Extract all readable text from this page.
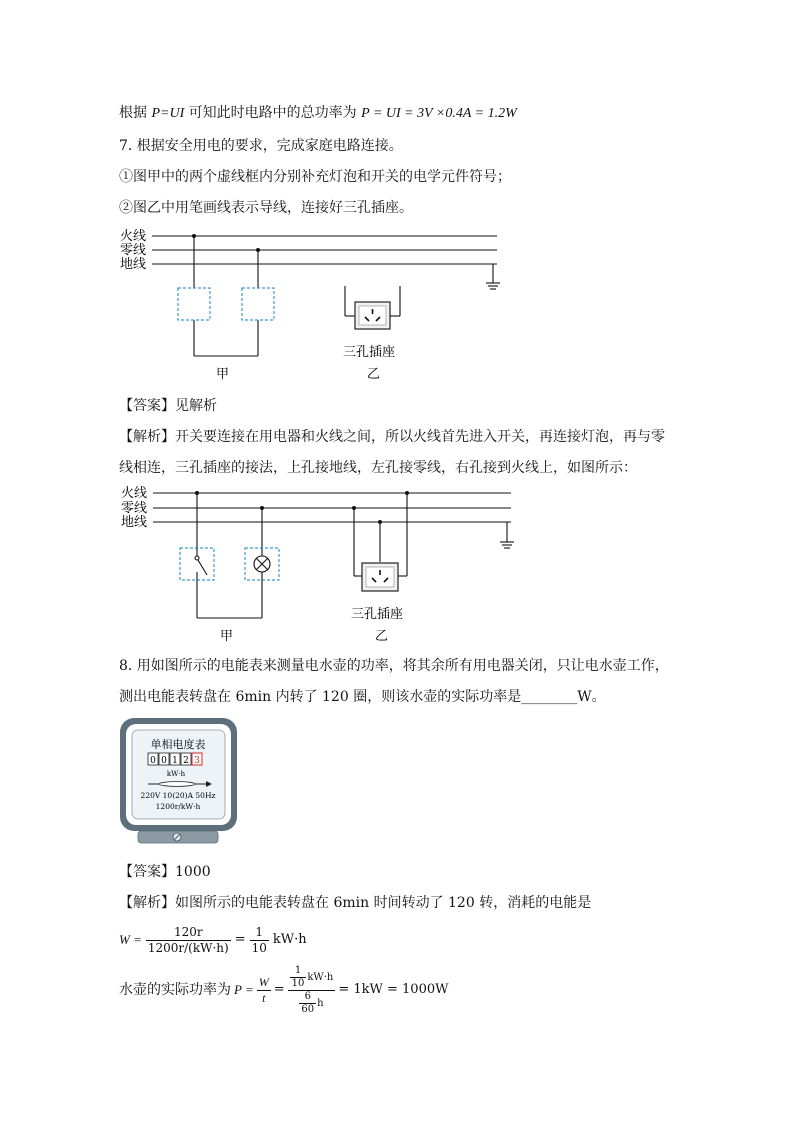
根据 P=UI 可知此时电路中的总功率为 P = UI = 3V ×0.4A = 1.2W
7. 根据安全用电的要求，完成家庭电路连接。
①图甲中的两个虚线框内分别补充灯泡和开关的电学元件符号；
②图乙中用笔画线表示导线，连接好三孔插座。
火线
零线
地线
三孔插座
甲	乙
【答案】见解析
【解析】开关要连接在用电器和火线之间，所以火线首先进入开关，再连接灯泡，再与零
线相连，三孔插座的接法，上孔接地线，左孔接零线，右孔接到火线上，如图所示：
火线
零线
地线
三孔插座
甲	乙
8. 用如图所示的电能表来测量电水壶的功率，将其余所有用电器关闭，只让电水壶工作，
测出电能表转盘在 6min 内转了 120 圈，则该水壶的实际功率是________W。
单相电度表
0 0 1 2 3
kW·h
220V 10(20)A 50Hz
1200r/kW·h
【答案】1000
【解析】如图所示的电能表转盘在 6min 时间转动了 120 转，消耗的电能是
$W = \frac{120r}{1200r/(kW\cdot h)} = \frac{1}{10} kW\cdot h$
水壶的实际功率为 $P = \frac{W}{t} = \frac{\frac{1}{10} kW\cdot h}{\frac{6}{60} h} = 1kW = 1000W$
